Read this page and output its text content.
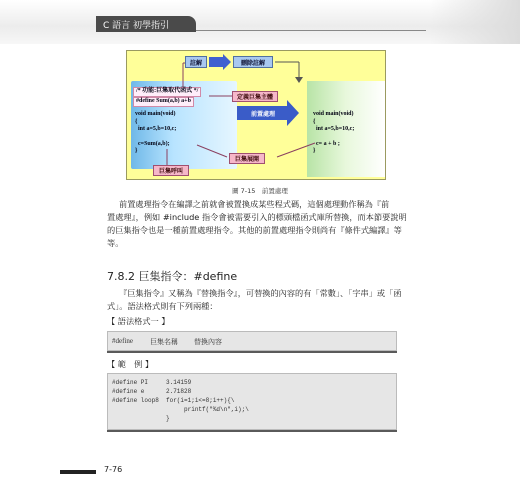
C 語言 初學指引
註解	刪除註解
/* 功能:巨集取代函式 */
#define Sum(a,b) a+b	定義巨集主體
前置處理
void main(void)
{
int a=5,b=10,c;
c=Sum(a,b);
}
void main(void)
{
int a=5,b=10,c;
c= a + b ;
}
巨集展開
巨集呼叫
圖 7-15　前置處理
前置處理指令在編譯之前就會被置換成某些程式碼，這個處理動作稱為『前
置處理』，例如 #include 指令會被需要引入的標頭檔函式庫所替換，而本節要說明
的巨集指令也是一種前置處理指令。其他的前置處理指令則尚有『條件式編譯』等
等。
7.8.2 巨集指令：#define
『巨集指令』又稱為『替換指令』，可替換的內容的有「常數」、「字串」或「函
式」。語法格式則有下列兩種：
【 語法格式一 】
#define 巨集名稱 替換內容
【 範　例 】
#define PI     3.14159
#define e      2.71828
#define loop8  for(i=1;i<=8;i++){\
printf("%d\n",i);\
}
7-76
